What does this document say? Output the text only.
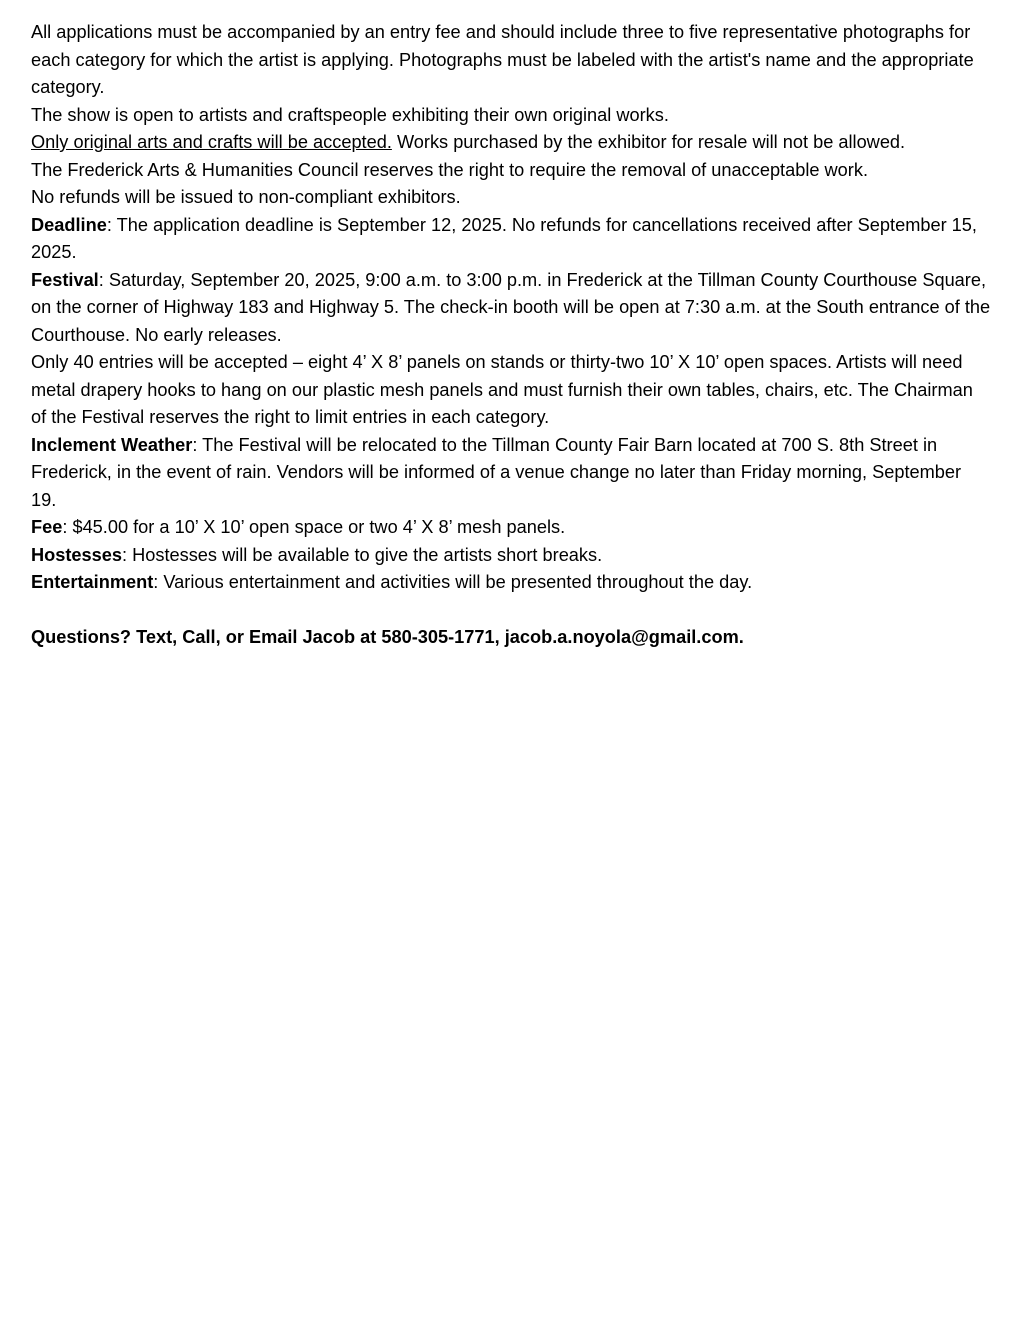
All applications must be accompanied by an entry fee and should include three to five representative photographs for each category for which the artist is applying. Photographs must be labeled with the artist's name and the appropriate category.

The show is open to artists and craftspeople exhibiting their own original works.

Only original arts and crafts will be accepted. Works purchased by the exhibitor for resale will not be allowed.

The Frederick Arts & Humanities Council reserves the right to require the removal of unacceptable work.

No refunds will be issued to non-compliant exhibitors.

Deadline: The application deadline is September 12, 2025. No refunds for cancellations received after September 15, 2025.

Festival: Saturday, September 20, 2025, 9:00 a.m. to 3:00 p.m. in Frederick at the Tillman County Courthouse Square, on the corner of Highway 183 and Highway 5. The check-in booth will be open at 7:30 a.m. at the South entrance of the Courthouse. No early releases.

Only 40 entries will be accepted – eight 4’ X 8’ panels on stands or thirty-two 10’ X 10’ open spaces. Artists will need metal drapery hooks to hang on our plastic mesh panels and must furnish their own tables, chairs, etc. The Chairman of the Festival reserves the right to limit entries in each category.

Inclement Weather: The Festival will be relocated to the Tillman County Fair Barn located at 700 S. 8th Street in Frederick, in the event of rain. Vendors will be informed of a venue change no later than Friday morning, September 19.

Fee: $45.00 for a 10’ X 10’ open space or two 4’ X 8’ mesh panels.

Hostesses: Hostesses will be available to give the artists short breaks.

Entertainment: Various entertainment and activities will be presented throughout the day.

Questions? Text, Call, or Email Jacob at 580-305-1771, jacob.a.noyola@gmail.com.
